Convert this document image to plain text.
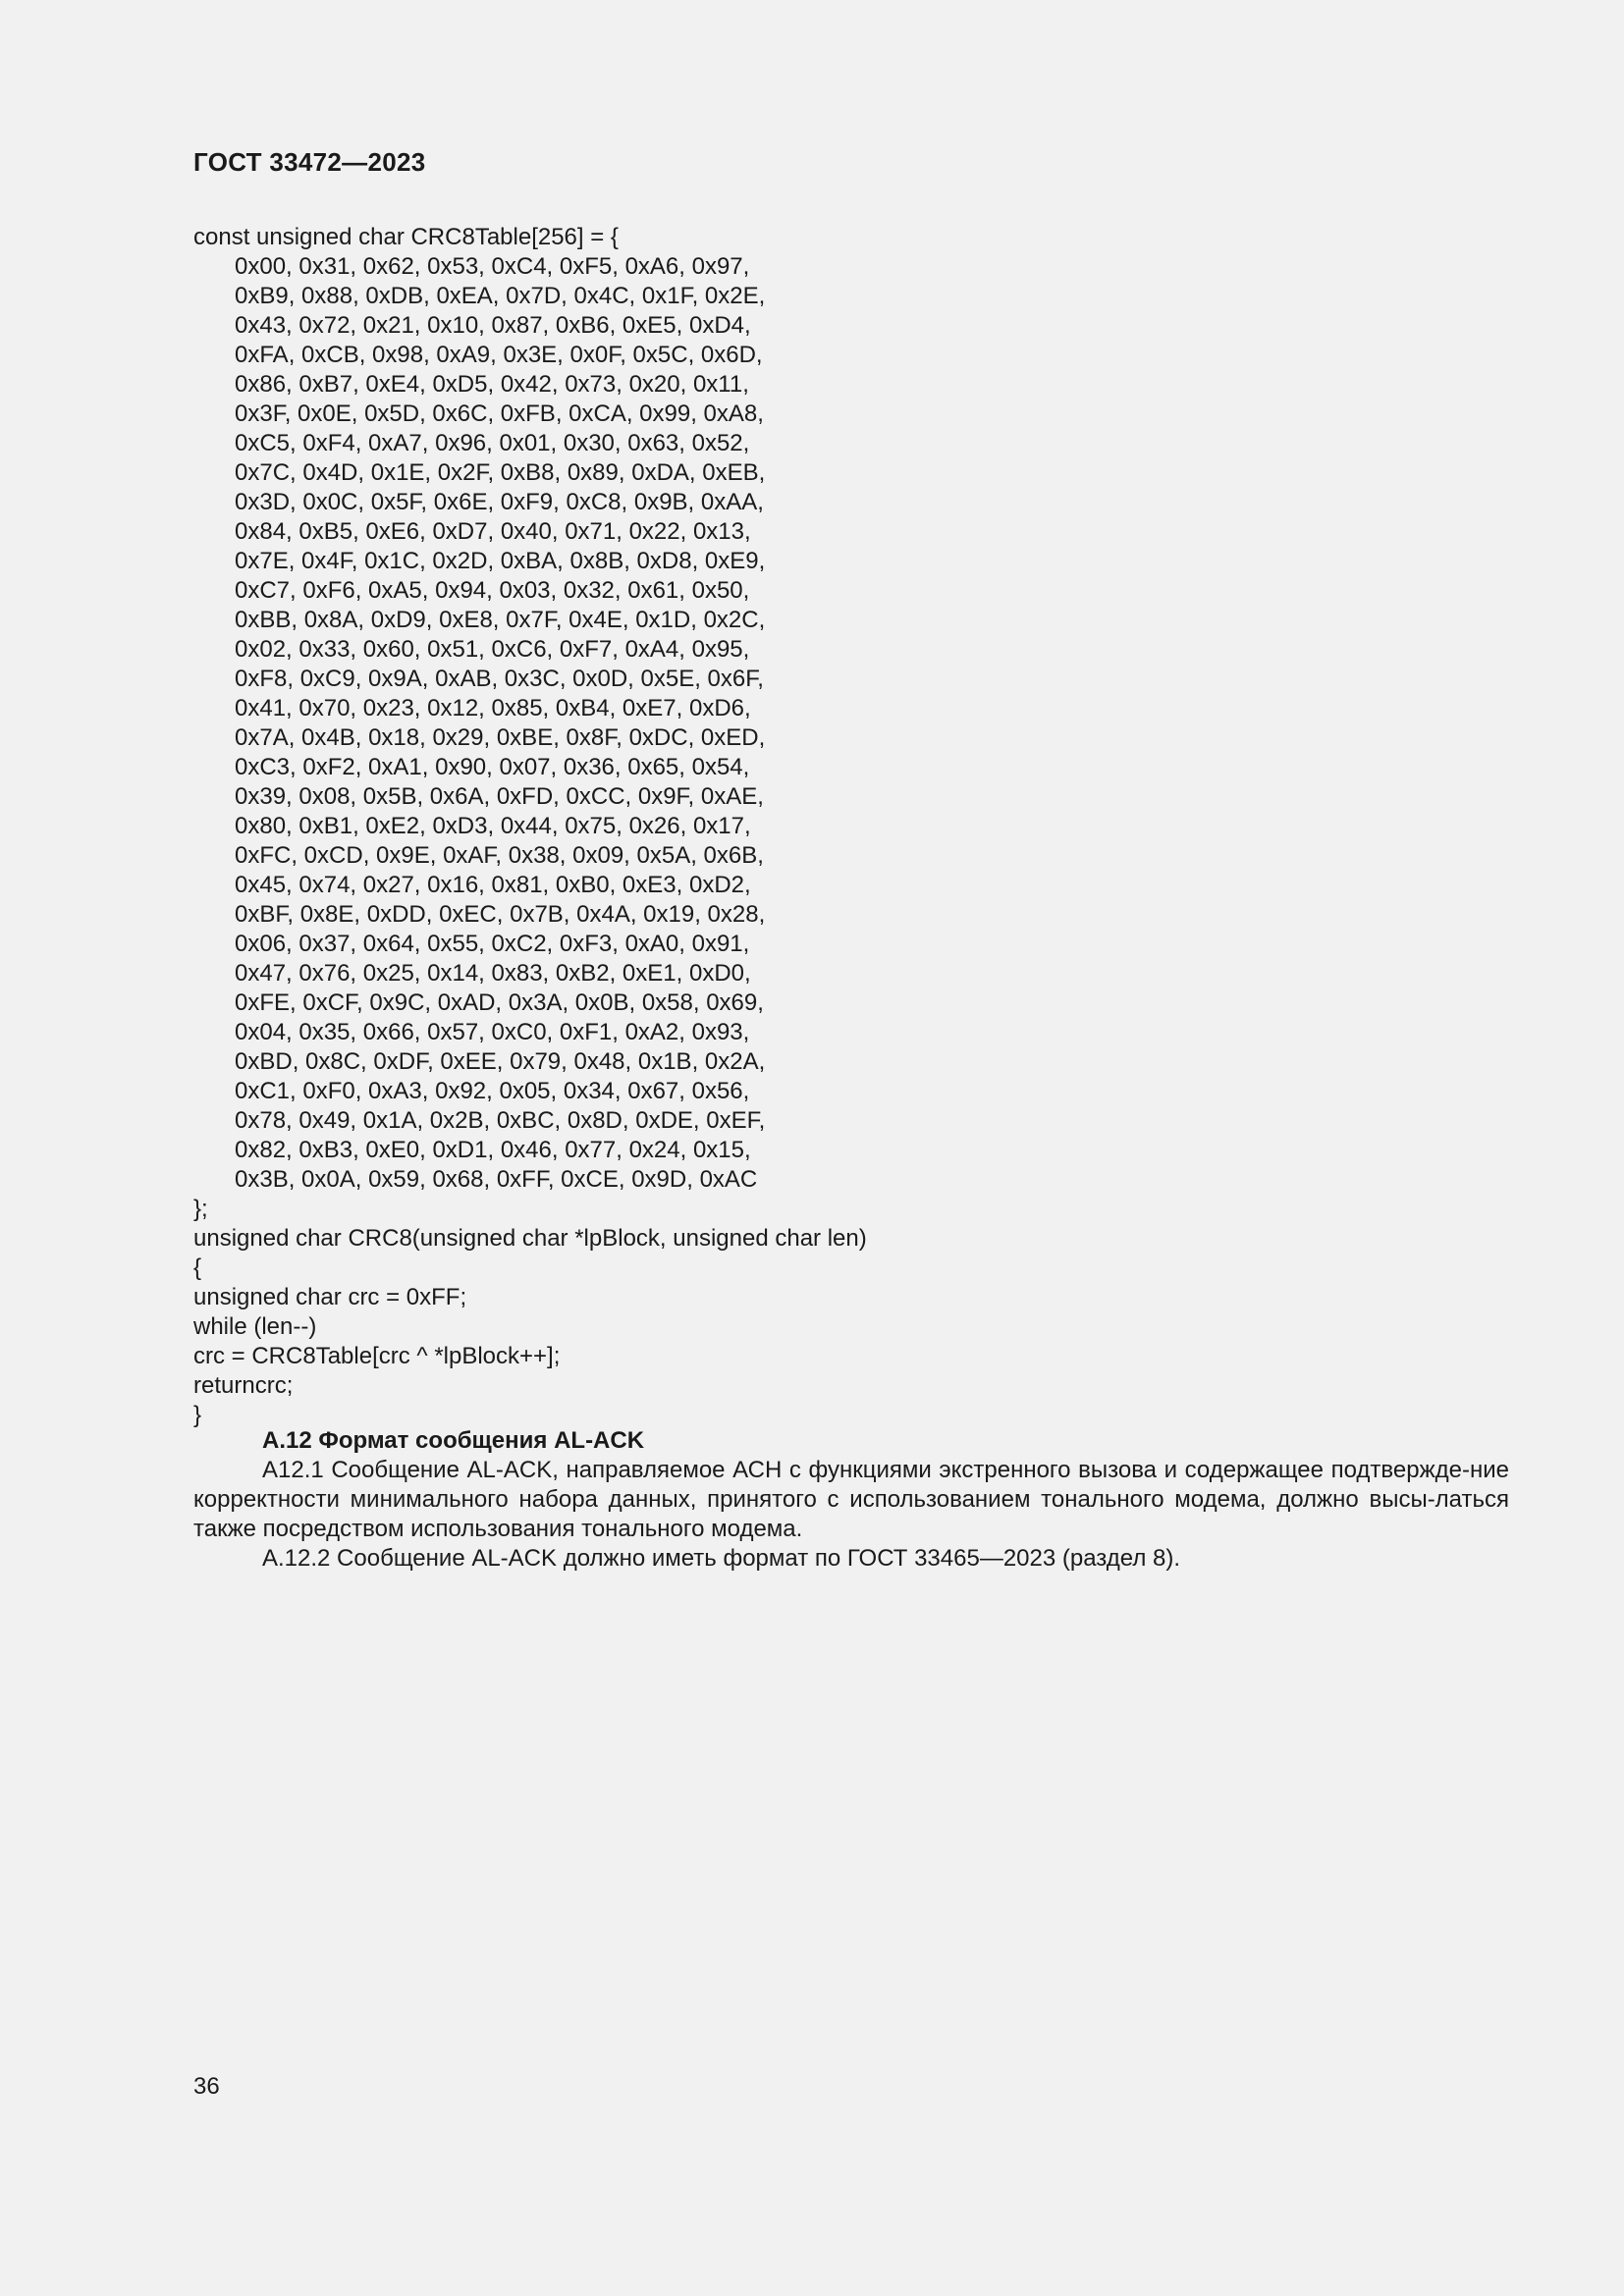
ГОСТ 33472—2023
const unsigned char CRC8Table[256] = {
0x00, 0x31, 0x62, 0x53, 0xC4, 0xF5, 0xA6, 0x97,
0xB9, 0x88, 0xDB, 0xEA, 0x7D, 0x4C, 0x1F, 0x2E,
0x43, 0x72, 0x21, 0x10, 0x87, 0xB6, 0xE5, 0xD4,
0xFA, 0xCB, 0x98, 0xA9, 0x3E, 0x0F, 0x5C, 0x6D,
0x86, 0xB7, 0xE4, 0xD5, 0x42, 0x73, 0x20, 0x11,
0x3F, 0x0E, 0x5D, 0x6C, 0xFB, 0xCA, 0x99, 0xA8,
0xC5, 0xF4, 0xA7, 0x96, 0x01, 0x30, 0x63, 0x52,
0x7C, 0x4D, 0x1E, 0x2F, 0xB8, 0x89, 0xDA, 0xEB,
0x3D, 0x0C, 0x5F, 0x6E, 0xF9, 0xC8, 0x9B, 0xAA,
0x84, 0xB5, 0xE6, 0xD7, 0x40, 0x71, 0x22, 0x13,
0x7E, 0x4F, 0x1C, 0x2D, 0xBA, 0x8B, 0xD8, 0xE9,
0xC7, 0xF6, 0xA5, 0x94, 0x03, 0x32, 0x61, 0x50,
0xBB, 0x8A, 0xD9, 0xE8, 0x7F, 0x4E, 0x1D, 0x2C,
0x02, 0x33, 0x60, 0x51, 0xC6, 0xF7, 0xA4, 0x95,
0xF8, 0xC9, 0x9A, 0xAB, 0x3C, 0x0D, 0x5E, 0x6F,
0x41, 0x70, 0x23, 0x12, 0x85, 0xB4, 0xE7, 0xD6,
0x7A, 0x4B, 0x18, 0x29, 0xBE, 0x8F, 0xDC, 0xED,
0xC3, 0xF2, 0xA1, 0x90, 0x07, 0x36, 0x65, 0x54,
0x39, 0x08, 0x5B, 0x6A, 0xFD, 0xCC, 0x9F, 0xAE,
0x80, 0xB1, 0xE2, 0xD3, 0x44, 0x75, 0x26, 0x17,
0xFC, 0xCD, 0x9E, 0xAF, 0x38, 0x09, 0x5A, 0x6B,
0x45, 0x74, 0x27, 0x16, 0x81, 0xB0, 0xE3, 0xD2,
0xBF, 0x8E, 0xDD, 0xEC, 0x7B, 0x4A, 0x19, 0x28,
0x06, 0x37, 0x64, 0x55, 0xC2, 0xF3, 0xA0, 0x91,
0x47, 0x76, 0x25, 0x14, 0x83, 0xB2, 0xE1, 0xD0,
0xFE, 0xCF, 0x9C, 0xAD, 0x3A, 0x0B, 0x58, 0x69,
0x04, 0x35, 0x66, 0x57, 0xC0, 0xF1, 0xA2, 0x93,
0xBD, 0x8C, 0xDF, 0xEE, 0x79, 0x48, 0x1B, 0x2A,
0xC1, 0xF0, 0xA3, 0x92, 0x05, 0x34, 0x67, 0x56,
0x78, 0x49, 0x1A, 0x2B, 0xBC, 0x8D, 0xDE, 0xEF,
0x82, 0xB3, 0xE0, 0xD1, 0x46, 0x77, 0x24, 0x15,
0x3B, 0x0A, 0x59, 0x68, 0xFF, 0xCE, 0x9D, 0xAC
};
unsigned char CRC8(unsigned char *lpBlock, unsigned char len)
{
unsigned char crc = 0xFF;
while (len--)
crc = CRC8Table[crc ^ *lpBlock++];
returncrc;
}
А.12 Формат сообщения AL-ACK

А12.1 Сообщение AL-ACK, направляемое АСН с функциями экстренного вызова и содержащее подтвержде-ние корректности минимального набора данных, принятого с использованием тонального модема, должно высы-латься также посредством использования тонального модема.

А.12.2 Сообщение AL-ACK должно иметь формат по ГОСТ 33465—2023 (раздел 8).

36
